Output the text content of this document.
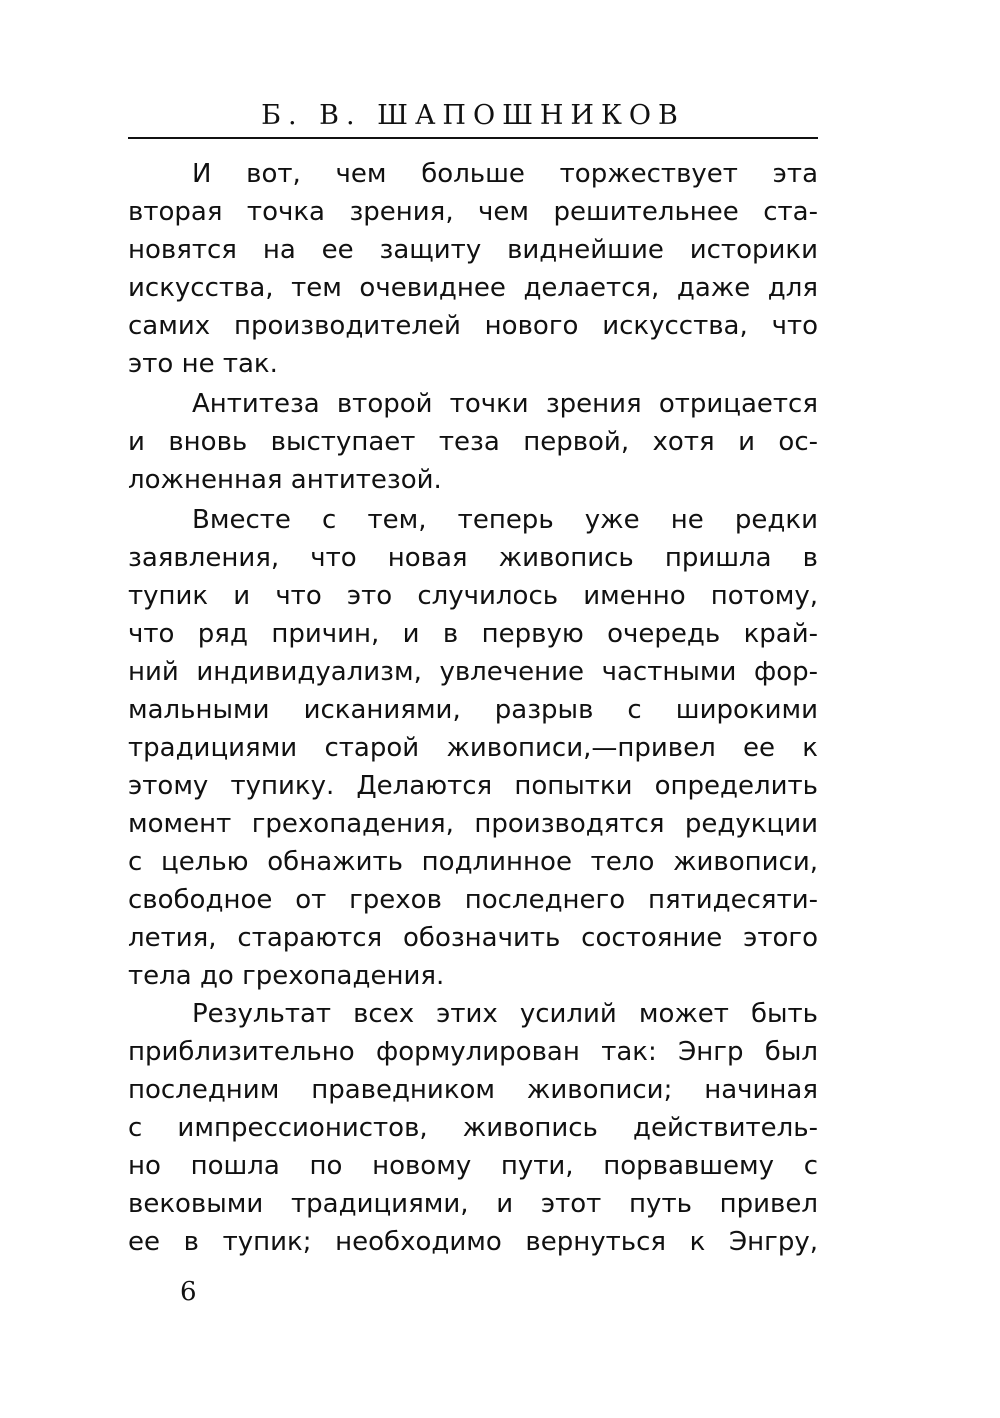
Б. В. ШАПОШНИКОВ
И вот, чем больше торжествует эта
вторая точка зрения, чем решительнее ста-
новятся на ее защиту виднейшие историки
искусства, тем очевиднее делается, даже для
самих производителей нового искусства, что
это не так.
Антитеза второй точки зрения отрицается
и вновь выступает теза первой, хотя и ос-
ложненная антитезой.
Вместе с тем, теперь уже не редки
заявления, что новая живопись пришла в
тупик и что это случилось именно потому,
что ряд причин, и в первую очередь край-
ний индивидуализм, увлечение частными фор-
мальными исканиями, разрыв с широкими
традициями старой живописи,—привел ее к
этому тупику. Делаются попытки определить
момент грехопадения, производятся редукции
с целью обнажить подлинное тело живописи,
свободное от грехов последнего пятидесяти-
летия, стараются обозначить состояние этого
тела до грехопадения.
Результат всех этих усилий может быть
приблизительно формулирован так: Энгр был
последним праведником живописи; начиная
с импрессионистов, живопись действитель-
но пошла по новому пути, порвавшему с
вековыми традициями, и этот путь привел
ее в тупик; необходимо вернуться к Энгру,
6
